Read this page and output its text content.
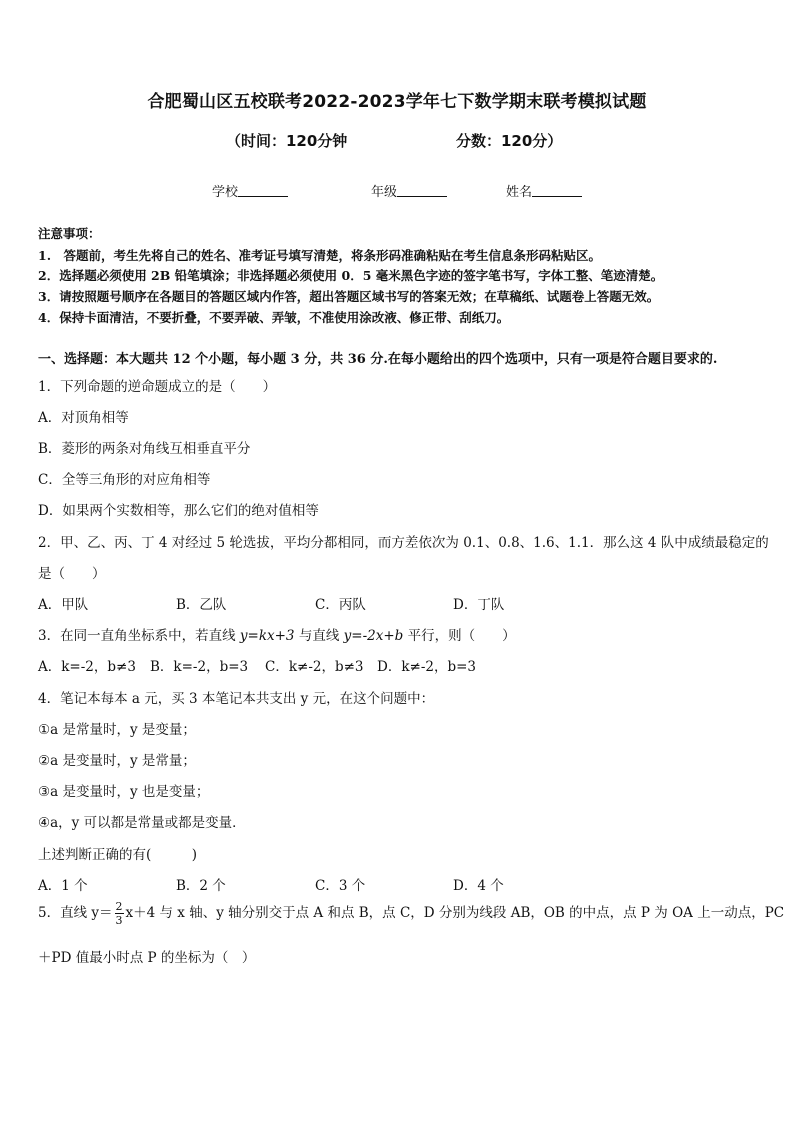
合肥蜀山区五校联考2022-2023学年七下数学期末联考模拟试题
（时间：120分钟	分数：120分）
学校	年级	姓名
注意事项：
1.　答题前，考生先将自己的姓名、准考证号填写清楚，将条形码准确粘贴在考生信息条形码粘贴区。
2．选择题必须使用 2B 铅笔填涂；非选择题必须使用 0．5 毫米黑色字迹的签字笔书写，字体工整、笔迹清楚。
3．请按照题号顺序在各题目的答题区域内作答，超出答题区域书写的答案无效；在草稿纸、试题卷上答题无效。
4．保持卡面清洁，不要折叠，不要弄破、弄皱，不准使用涂改液、修正带、刮纸刀。
一、选择题：本大题共 12 个小题，每小题 3 分，共 36 分.在每小题给出的四个选项中，只有一项是符合题目要求的.
1．下列命题的逆命题成立的是（　　）
A．对顶角相等
B．菱形的两条对角线互相垂直平分
C．全等三角形的对应角相等
D．如果两个实数相等，那么它们的绝对值相等
2．甲、乙、丙、丁 4 对经过 5 轮选拔，平均分都相同，而方差依次为 0.1、0.8、1.6、1.1．那么这 4 队中成绩最稳定的
是（　　）
A．甲队	B．乙队	C．丙队	D．丁队
3．在同一直角坐标系中，若直线 y=kx+3 与直线 y=-2x+b 平行，则（　　）
A．k=-2，b≠3 B．k=-2，b=3 C．k≠-2，b≠3 D．k≠-2，b=3
4．笔记本每本 a 元，买 3 本笔记本共支出 y 元，在这个问题中：
①a 是常量时，y 是变量；
②a 是变量时，y 是常量；
③a 是变量时，y 也是变量；
④a，y 可以都是常量或都是变量．
上述判断正确的有(　　　)
A．1 个	B．2 个	C．3 个	D．4 个
5．直线 $y= \frac{2}{3} x+4$ 与 x 轴、y 轴分别交于点 A 和点 B，点 C，D 分别为线段 AB，OB 的中点，点 P 为 OA 上一动点，PC
＋PD 值最小时点 P 的坐标为（　）
